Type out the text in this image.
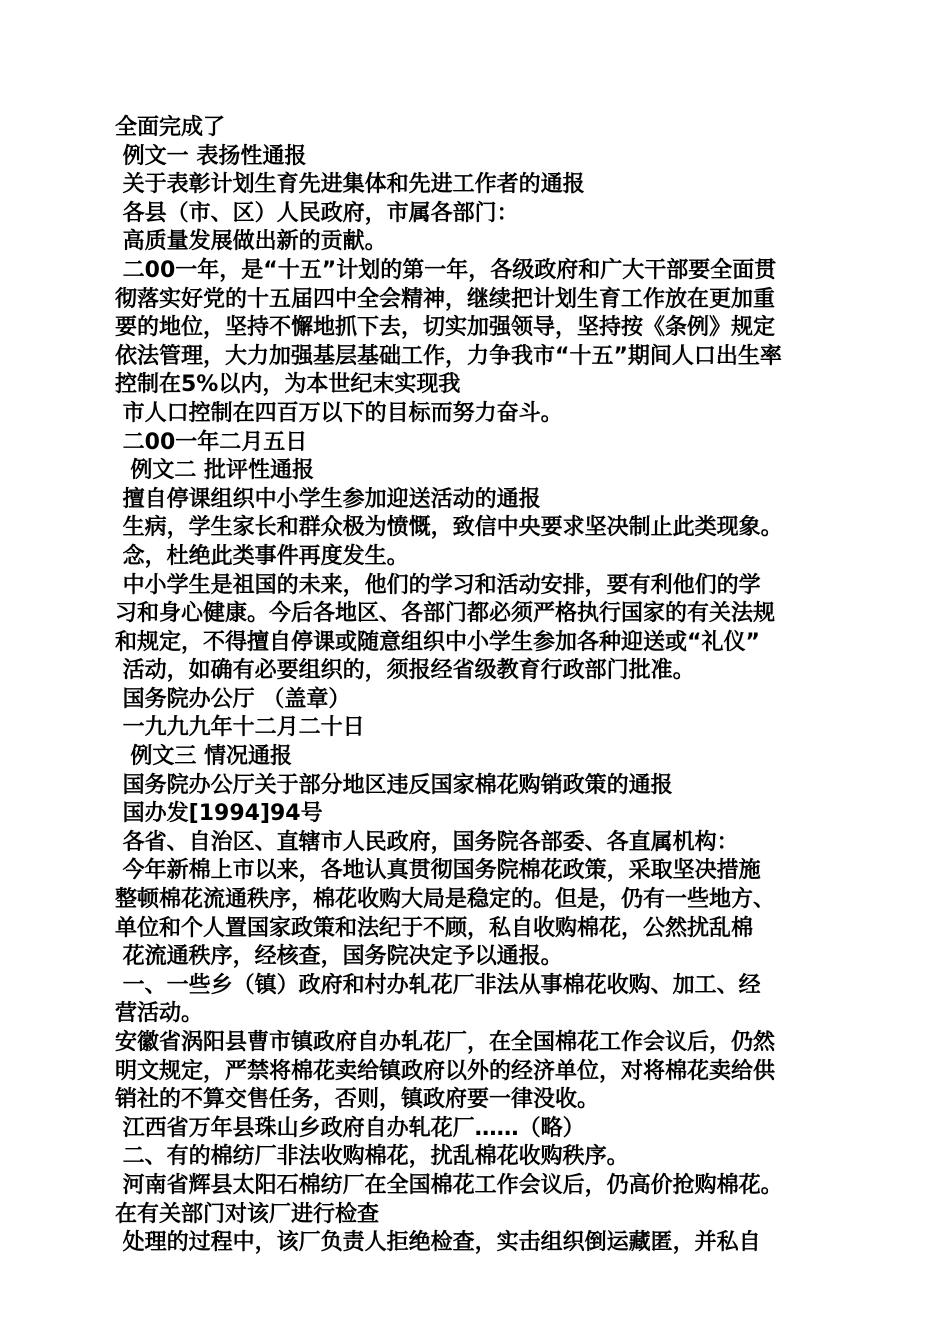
全面完成了
例文一 表扬性通报
关于表彰计划生育先进集体和先进工作者的通报
各县（市、区）人民政府，市属各部门：
高质量发展做出新的贡献。
二00一年，是“十五”计划的第一年，各级政府和广大干部要全面贯
彻落实好党的十五届四中全会精神，继续把计划生育工作放在更加重
要的地位，坚持不懈地抓下去，切实加强领导，坚持按《条例》规定
依法管理，大力加强基层基础工作，力争我市“十五”期间人口出生率
控制在5%以内，为本世纪末实现我
市人口控制在四百万以下的目标而努力奋斗。
二00一年二月五日
例文二 批评性通报
擅自停课组织中小学生参加迎送活动的通报
生病，学生家长和群众极为愤慨，致信中央要求坚决制止此类现象。
念，杜绝此类事件再度发生。
中小学生是祖国的未来，他们的学习和活动安排，要有利他们的学
习和身心健康。今后各地区、各部门都必须严格执行国家的有关法规
和规定，不得擅自停课或随意组织中小学生参加各种迎送或“礼仪”
活动，如确有必要组织的，须报经省级教育行政部门批准。
国务院办公厅 （盖章）
一九九九年十二月二十日
例文三 情况通报
国务院办公厅关于部分地区违反国家棉花购销政策的通报
国办发[1994]94号
各省、自治区、直辖市人民政府，国务院各部委、各直属机构：
今年新棉上市以来，各地认真贯彻国务院棉花政策，采取坚决措施
整顿棉花流通秩序，棉花收购大局是稳定的。但是，仍有一些地方、
单位和个人置国家政策和法纪于不顾，私自收购棉花，公然扰乱棉
花流通秩序，经核查，国务院决定予以通报。
一、一些乡（镇）政府和村办轧花厂非法从事棉花收购、加工、经
营活动。
安徽省涡阳县曹市镇政府自办轧花厂，在全国棉花工作会议后，仍然
明文规定，严禁将棉花卖给镇政府以外的经济单位，对将棉花卖给供
销社的不算交售任务，否则，镇政府要一律没收。
江西省万年县珠山乡政府自办轧花厂……（略）
二、有的棉纺厂非法收购棉花，扰乱棉花收购秩序。
河南省辉县太阳石棉纺厂在全国棉花工作会议后，仍高价抢购棉花。
在有关部门对该厂进行检查
处理的过程中，该厂负责人拒绝检查，实击组织倒运藏匿，并私自
